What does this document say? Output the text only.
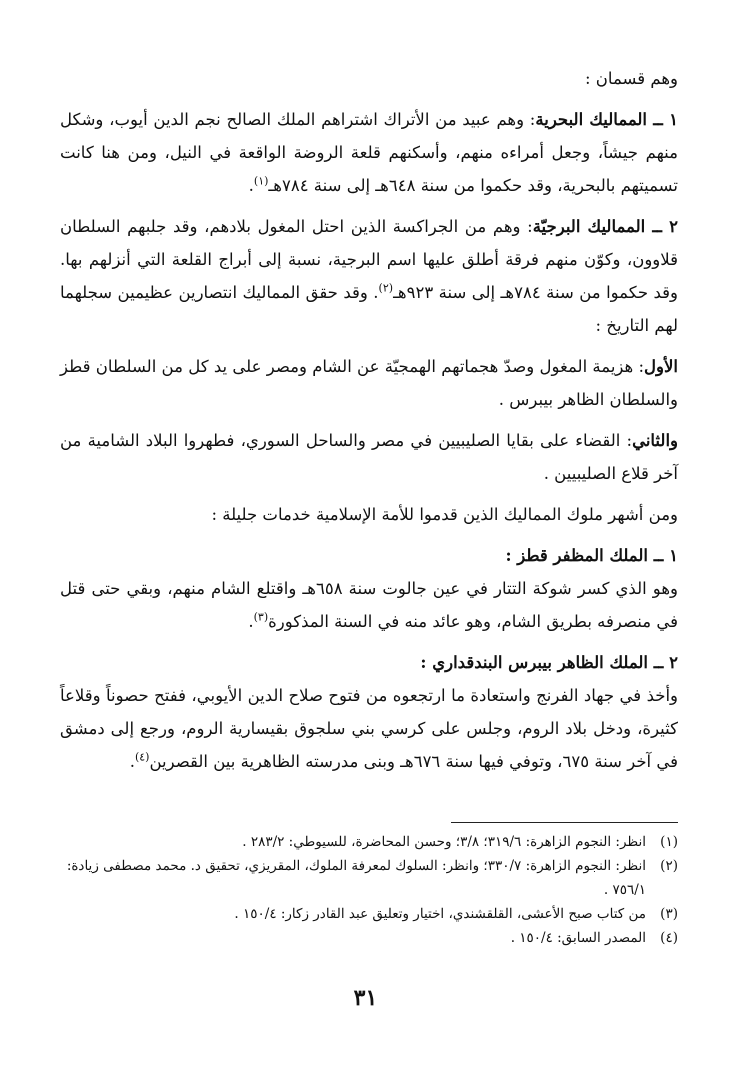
وهم قسمان :

١ ــ المماليك البحرية: وهم عبيد من الأتراك اشتراهم الملك الصالح نجم الدين أيوب، وشكل منهم جيشاً، وجعل أمراءه منهم، وأسكنهم قلعة الروضة الواقعة في النيل، ومن هنا كانت تسميتهم بالبحرية، وقد حكموا من سنة ٦٤٨هـ إلى سنة ٧٨٤هـ$^{(١)}$.

٢ ــ المماليك البرجيّة: وهم من الجراكسة الذين احتل المغول بلادهم، وقد جلبهم السلطان قلاوون، وكوّن منهم فرقة أطلق عليها اسم البرجية، نسبة إلى أبراج القلعة التي أنزلهم بها. وقد حكموا من سنة ٧٨٤هـ إلى سنة ٩٢٣هـ$^{(٢)}$. وقد حقق المماليك انتصارين عظيمين سجلهما لهم التاريخ :

الأول: هزيمة المغول وصدّ هجماتهم الهمجيّة عن الشام ومصر على يد كل من السلطان قطز والسلطان الظاهر بيبرس .

والثاني: القضاء على بقايا الصليبيين في مصر والساحل السوري، فطهروا البلاد الشامية من آخر قلاع الصليبيين .

ومن أشهر ملوك المماليك الذين قدموا للأمة الإسلامية خدمات جليلة :

١ ــ الملك المظفر قطز :

وهو الذي كسر شوكة التتار في عين جالوت سنة ٦٥٨هـ واقتلع الشام منهم، وبقي حتى قتل في منصرفه بطريق الشام، وهو عائد منه في السنة المذكورة$^{(٣)}$.

٢ ــ الملك الظاهر بيبرس البندقداري :

وأخذ في جهاد الفرنج واستعادة ما ارتجعوه من فتوح صلاح الدين الأيوبي، ففتح حصوناً وقلاعاً كثيرة، ودخل بلاد الروم، وجلس على كرسي بني سلجوق بقيسارية الروم، ورجع إلى دمشق في آخر سنة ٦٧٥، وتوفي فيها سنة ٦٧٦هـ وبنى مدرسته الظاهرية بين القصرين$^{(٤)}$.

(١)
انظر: النجوم الزاهرة: ٣١٩/٦؛ ٣/٨؛ وحسن المحاضرة، للسيوطي: ٢٨٣/٢ .

(٢)
انظر: النجوم الزاهرة: ٣٣٠/٧؛ وانظر: السلوك لمعرفة الملوك، المقريزي، تحقيق د. محمد مصطفى زيادة: ٧٥٦/١ .

(٣)
من كتاب صبح الأعشى، القلقشندي، اختيار وتعليق عبد القادر زكار: ١٥٠/٤ .

(٤)
المصدر السابق: ١٥٠/٤ .

٣١
